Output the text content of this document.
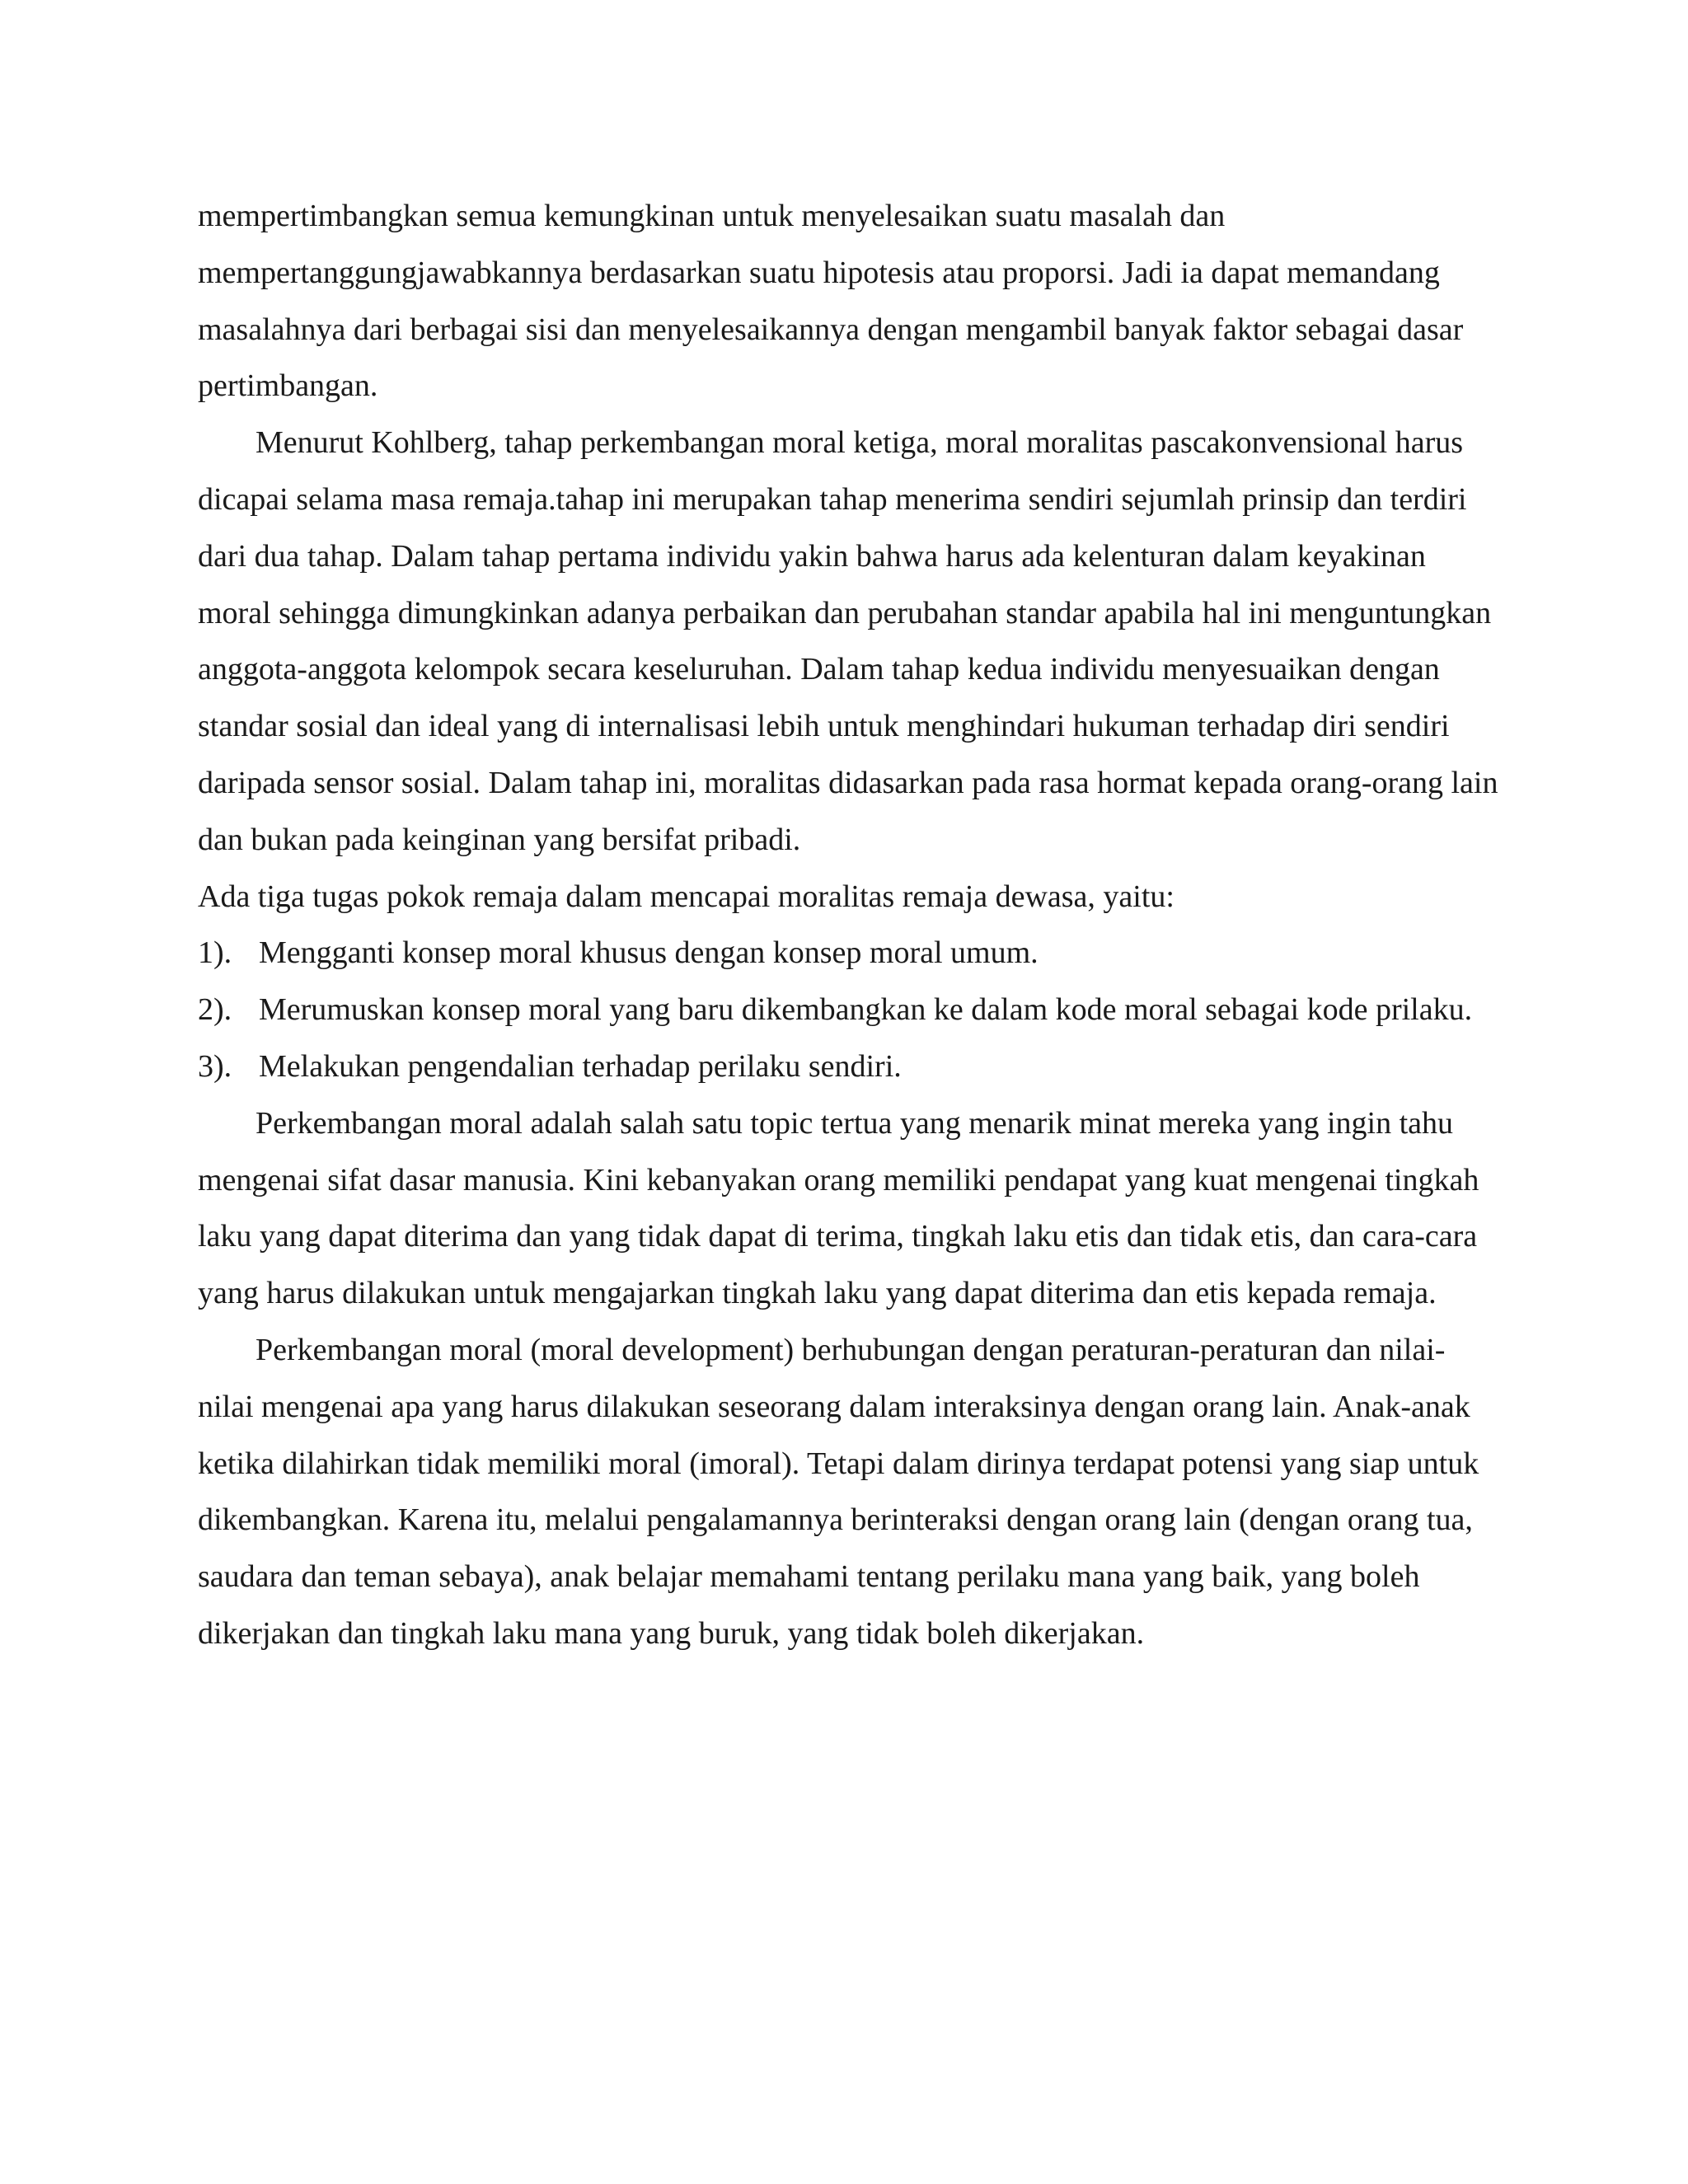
mempertimbangkan semua kemungkinan untuk menyelesaikan suatu masalah dan mempertanggungjawabkannya berdasarkan suatu hipotesis atau proporsi. Jadi ia dapat memandang masalahnya dari berbagai sisi dan menyelesaikannya dengan mengambil banyak faktor sebagai dasar pertimbangan.

Menurut Kohlberg, tahap perkembangan moral ketiga, moral moralitas pascakonvensional harus dicapai selama masa remaja.tahap ini merupakan tahap menerima sendiri sejumlah prinsip dan terdiri dari dua tahap. Dalam tahap pertama individu yakin bahwa harus ada kelenturan dalam keyakinan moral sehingga dimungkinkan adanya perbaikan dan perubahan standar apabila hal ini menguntungkan anggota-anggota kelompok secara keseluruhan. Dalam tahap kedua individu menyesuaikan dengan standar sosial dan ideal yang di internalisasi lebih untuk menghindari hukuman terhadap diri sendiri daripada sensor sosial. Dalam tahap ini, moralitas didasarkan pada rasa hormat kepada orang-orang lain dan bukan pada keinginan yang bersifat pribadi.

Ada tiga tugas pokok remaja dalam mencapai moralitas remaja dewasa, yaitu:

1). Mengganti konsep moral khusus dengan konsep moral umum.

2). Merumuskan konsep moral yang baru dikembangkan ke dalam kode moral sebagai kode prilaku.

3). Melakukan pengendalian terhadap perilaku sendiri.

Perkembangan moral adalah salah satu topic tertua yang menarik minat mereka yang ingin tahu mengenai sifat dasar manusia. Kini kebanyakan orang memiliki pendapat yang kuat mengenai tingkah laku yang dapat diterima dan yang tidak dapat di terima, tingkah laku etis dan tidak etis, dan cara-cara yang harus dilakukan untuk mengajarkan tingkah laku yang dapat diterima dan etis kepada remaja.

Perkembangan moral (moral development) berhubungan dengan peraturan-peraturan dan nilai-nilai mengenai apa yang harus dilakukan seseorang dalam interaksinya dengan orang lain. Anak-anak ketika dilahirkan tidak memiliki moral (imoral). Tetapi dalam dirinya terdapat potensi yang siap untuk dikembangkan. Karena itu, melalui pengalamannya berinteraksi dengan orang lain (dengan orang tua, saudara dan teman sebaya), anak belajar memahami tentang perilaku mana yang baik, yang boleh dikerjakan dan tingkah laku mana yang buruk, yang tidak boleh dikerjakan.
